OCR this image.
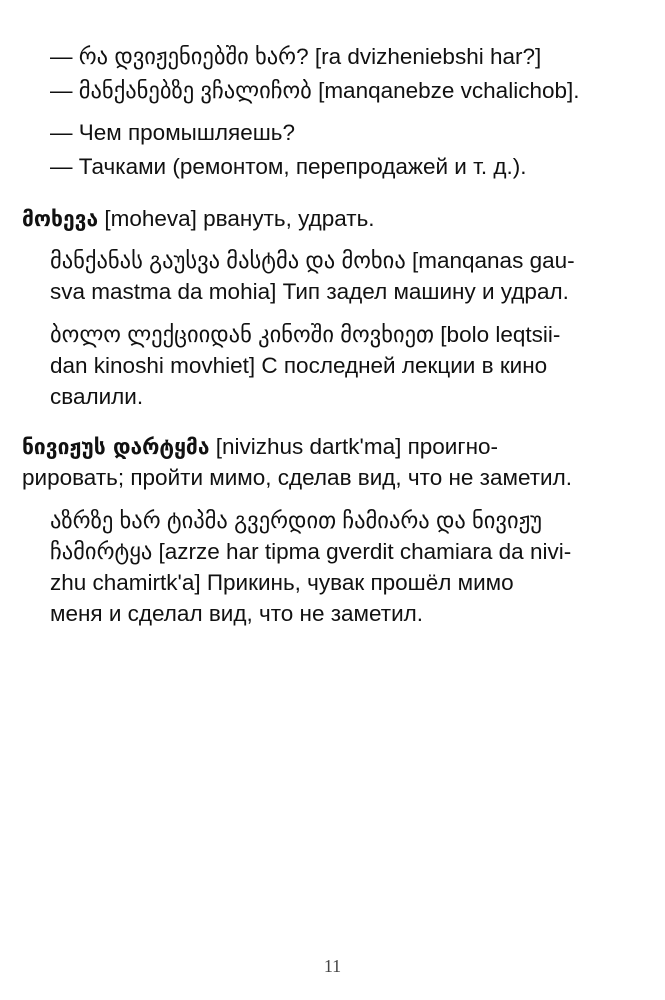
— რა დვიჟენიებში ხარ? [ra dvizheniebshi har?]
— მანქანებზე ვჩალიჩობ [manqanebze vchalichob].
— Чем промышляешь?
— Тачками (ремонтом, перепродажей и т. д.).
მოხევა [moheva] рвануть, удрать.
მანქანას გაუსვა მასტმა და მოხია [manqanas gau-
sva mastma da mohia] Тип задел машину и удрал.
ბოლო ლექციიდან კინოში მოვხიეთ [bolo leqtsii-
dan kinoshi movhiet] С последней лекции в кино
свалили.
ნივიჟუს დარტყმა [nivizhus dartk'ma] проигно-
рировать; пройти мимо, сделав вид, что не заметил.
აზრზე ხარ ტიპმა გვერდით ჩამიარა და ნივიჟუ
ჩამირტყა [azrze har tipma gverdit chamiara da nivi-
zhu chamirtk'a] Прикинь, чувак прошёл мимо
меня и сделал вид, что не заметил.
11
